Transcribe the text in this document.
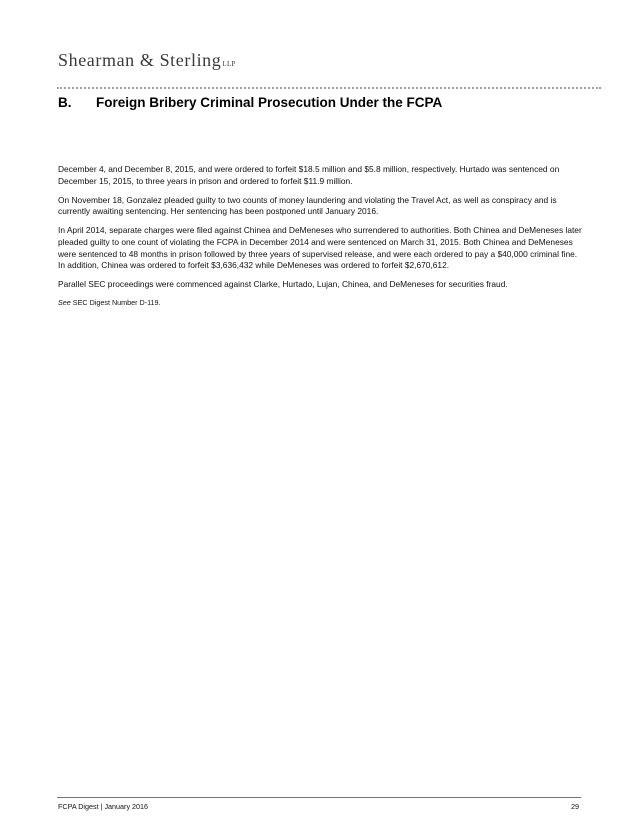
Shearman & SterlingLLP
B. Foreign Bribery Criminal Prosecution Under the FCPA

December 4, and December 8, 2015, and were ordered to forfeit $18.5 million and $5.8 million, respectively. Hurtado was sentenced on December 15, 2015, to three years in prison and ordered to forfeit $11.9 million.

On November 18, Gonzalez pleaded guilty to two counts of money laundering and violating the Travel Act, as well as conspiracy and is currently awaiting sentencing. Her sentencing has been postponed until January 2016.

In April 2014, separate charges were filed against Chinea and DeMeneses who surrendered to authorities. Both Chinea and DeMeneses later pleaded guilty to one count of violating the FCPA in December 2014 and were sentenced on March 31, 2015. Both Chinea and DeMeneses were sentenced to 48 months in prison followed by three years of supervised release, and were each ordered to pay a $40,000 criminal fine. In addition, Chinea was ordered to forfeit $3,636,432 while DeMeneses was ordered to forfeit $2,670,612.

Parallel SEC proceedings were commenced against Clarke, Hurtado, Lujan, Chinea, and DeMeneses for securities fraud.

See SEC Digest Number D-119.

FCPA Digest | January 2016	29
